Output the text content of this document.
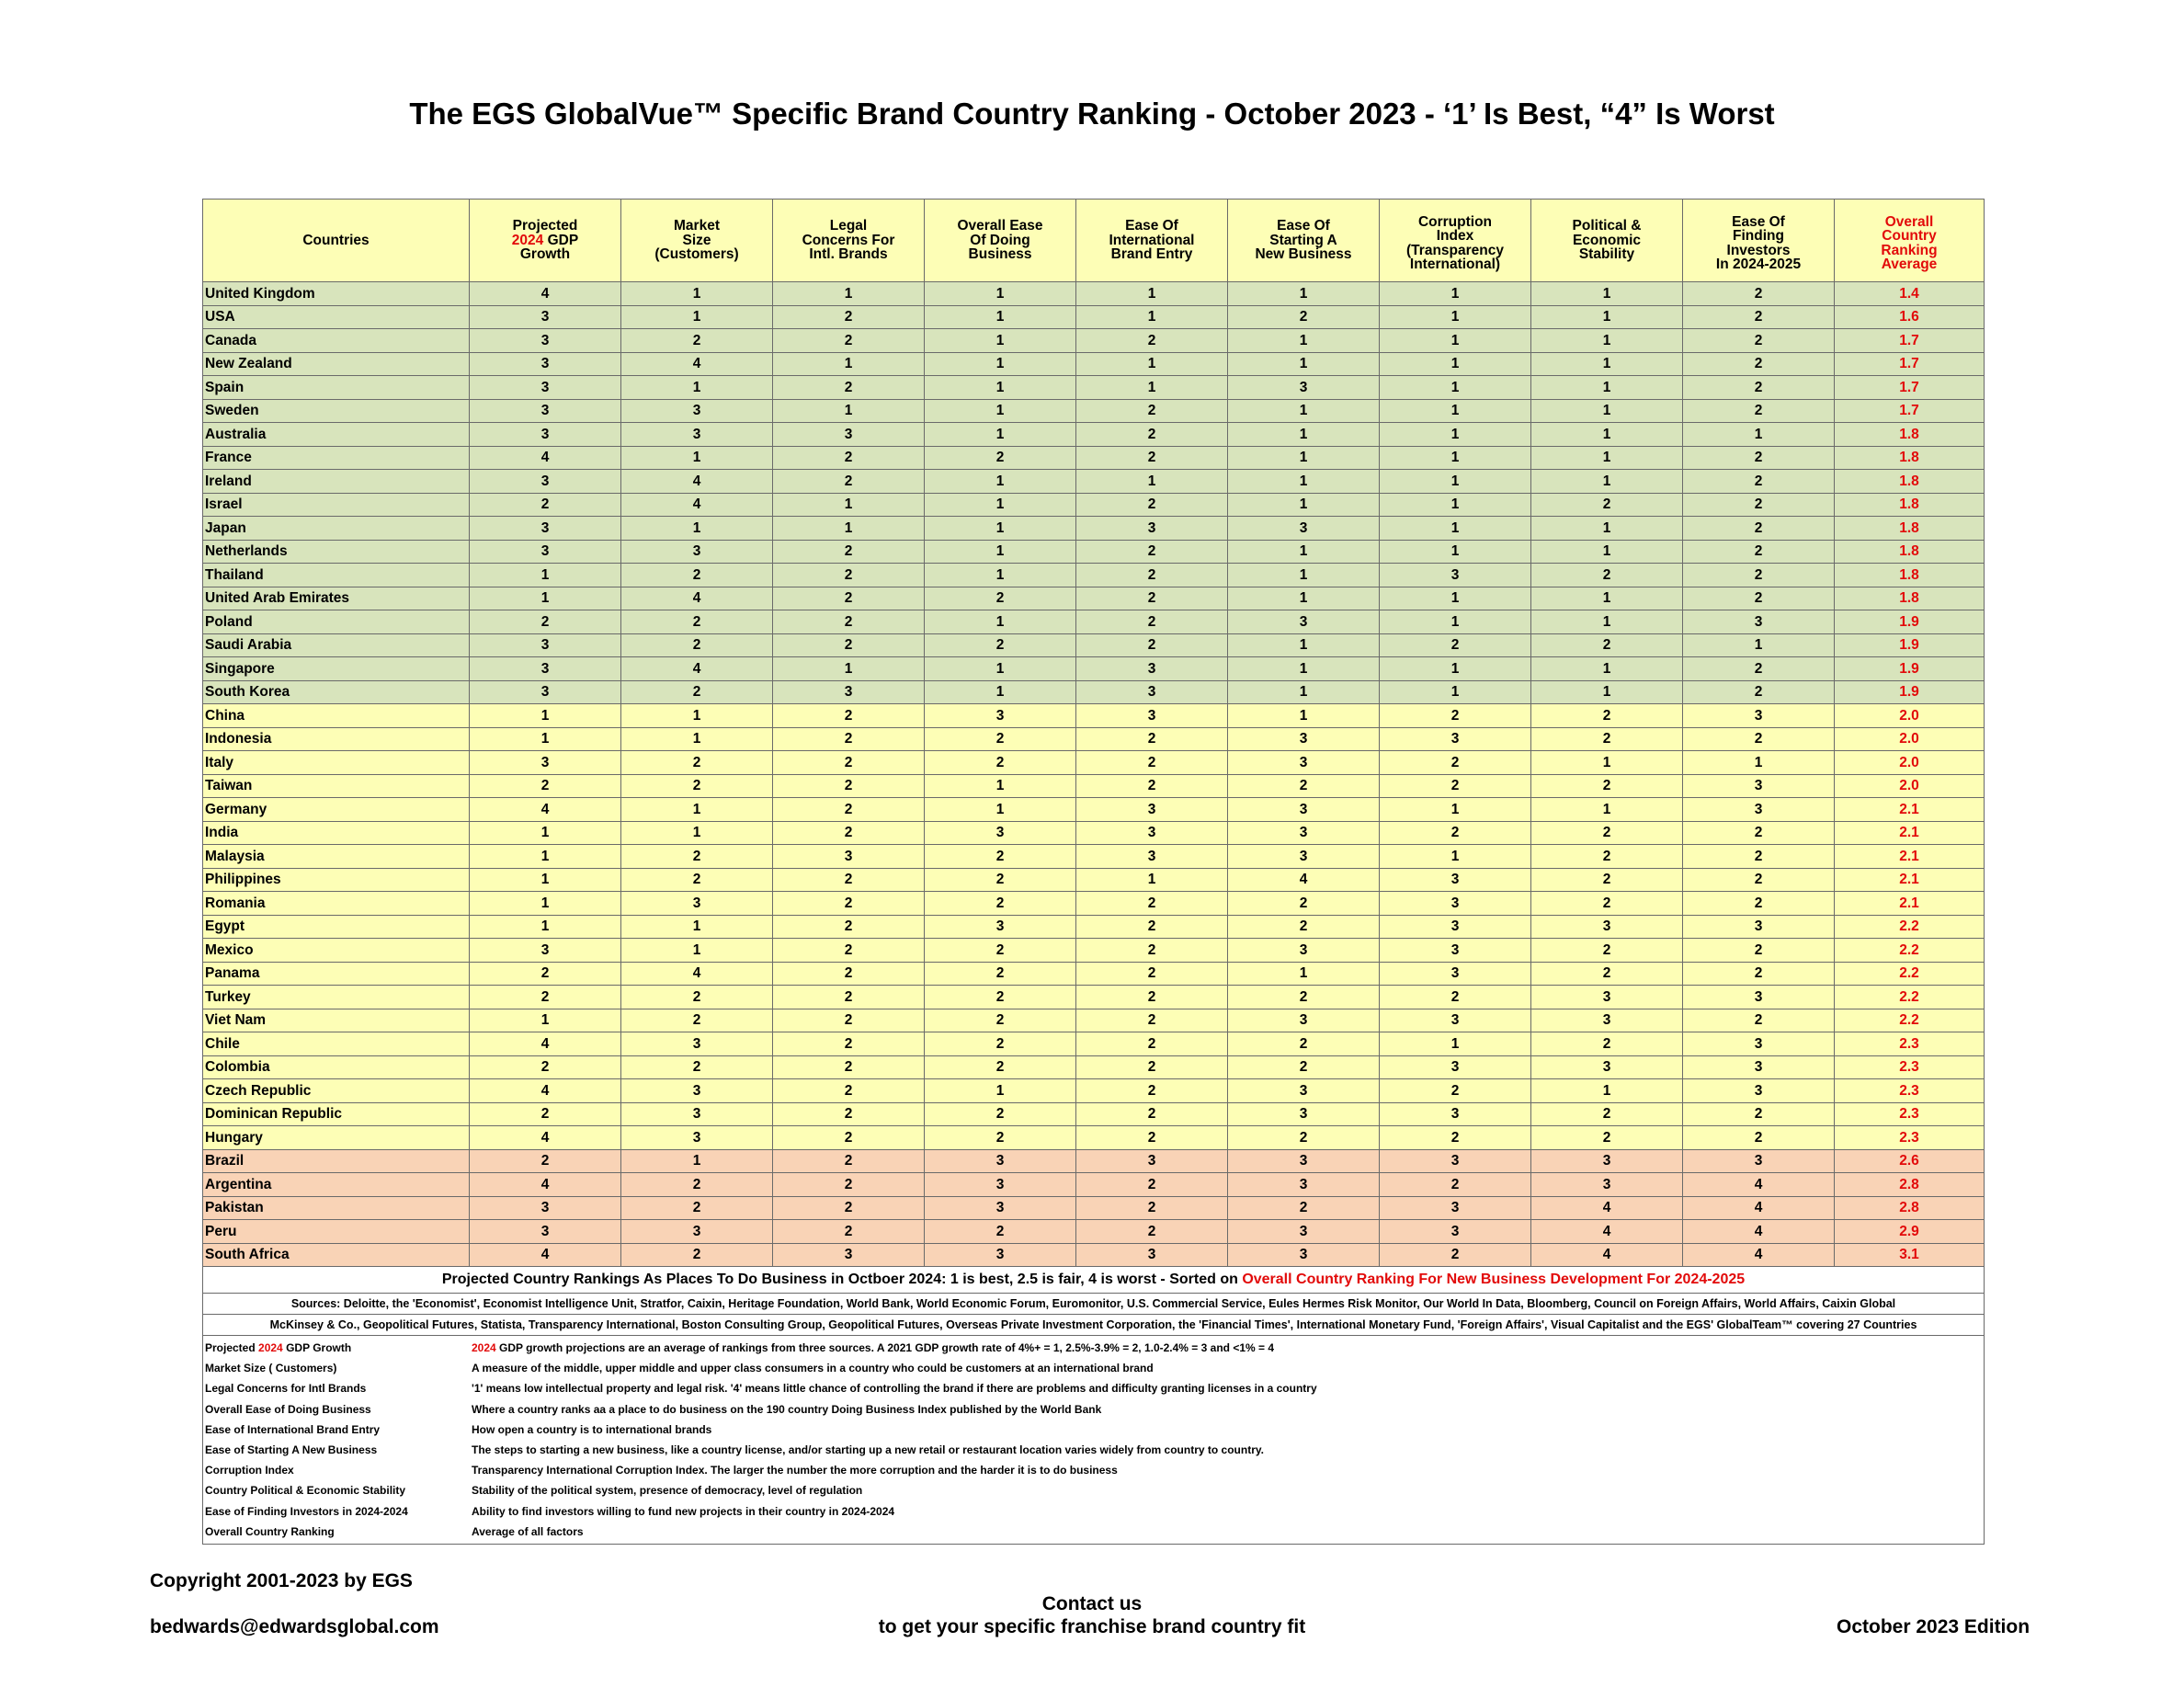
The EGS GlobalVue™ Specific Brand Country Ranking - October 2023 - ‘1’ Is Best, “4” Is Worst
Countries	Projected
2024 GDP
Growth	Market
Size
(Customers)	Legal
Concerns For
Intl. Brands	Overall Ease
Of Doing
Business	Ease Of
International
Brand Entry	Ease Of
Starting A
New Business	Corruption
Index
(Transparency
International)	Political &
Economic
Stability	Ease Of
Finding
Investors
In 2024-2025	Overall
Country
Ranking
Average
United Kingdom	4	1	1	1	1	1	1	1	2	1.4
USA	3	1	2	1	1	2	1	1	2	1.6
Canada	3	2	2	1	2	1	1	1	2	1.7
New Zealand	3	4	1	1	1	1	1	1	2	1.7
Spain	3	1	2	1	1	3	1	1	2	1.7
Sweden	3	3	1	1	2	1	1	1	2	1.7
Australia	3	3	3	1	2	1	1	1	1	1.8
France	4	1	2	2	2	1	1	1	2	1.8
Ireland	3	4	2	1	1	1	1	1	2	1.8
Israel	2	4	1	1	2	1	1	2	2	1.8
Japan	3	1	1	1	3	3	1	1	2	1.8
Netherlands	3	3	2	1	2	1	1	1	2	1.8
Thailand	1	2	2	1	2	1	3	2	2	1.8
United Arab Emirates	1	4	2	2	2	1	1	1	2	1.8
Poland	2	2	2	1	2	3	1	1	3	1.9
Saudi Arabia	3	2	2	2	2	1	2	2	1	1.9
Singapore	3	4	1	1	3	1	1	1	2	1.9
South Korea	3	2	3	1	3	1	1	1	2	1.9
China	1	1	2	3	3	1	2	2	3	2.0
Indonesia	1	1	2	2	2	3	3	2	2	2.0
Italy	3	2	2	2	2	3	2	1	1	2.0
Taiwan	2	2	2	1	2	2	2	2	3	2.0
Germany	4	1	2	1	3	3	1	1	3	2.1
India	1	1	2	3	3	3	2	2	2	2.1
Malaysia	1	2	3	2	3	3	1	2	2	2.1
Philippines	1	2	2	2	1	4	3	2	2	2.1
Romania	1	3	2	2	2	2	3	2	2	2.1
Egypt	1	1	2	3	2	2	3	3	3	2.2
Mexico	3	1	2	2	2	3	3	2	2	2.2
Panama	2	4	2	2	2	1	3	2	2	2.2
Turkey	2	2	2	2	2	2	2	3	3	2.2
Viet Nam	1	2	2	2	2	3	3	3	2	2.2
Chile	4	3	2	2	2	2	1	2	3	2.3
Colombia	2	2	2	2	2	2	3	3	3	2.3
Czech Republic	4	3	2	1	2	3	2	1	3	2.3
Dominican Republic	2	3	2	2	2	3	3	2	2	2.3
Hungary	4	3	2	2	2	2	2	2	2	2.3
Brazil	2	1	2	3	3	3	3	3	3	2.6
Argentina	4	2	2	3	2	3	2	3	4	2.8
Pakistan	3	2	2	3	2	2	3	4	4	2.8
Peru	3	3	2	2	2	3	3	4	4	2.9
South Africa	4	2	3	3	3	3	2	4	4	3.1
Projected Country Rankings As Places To Do Business in Octboer 2024: 1 is best, 2.5 is fair, 4 is worst - Sorted on Overall Country Ranking For New Business Development For 2024-2025
Sources: Deloitte, the 'Economist', Economist Intelligence Unit, Stratfor, Caixin, Heritage Foundation, World Bank, World Economic Forum, Euromonitor, U.S. Commercial Service, Eules Hermes Risk Monitor, Our World In Data, Bloomberg, Council on Foreign Affairs, World Affairs, Caixin Global
McKinsey & Co., Geopolitical Futures, Statista, Transparency International, Boston Consulting Group, Geopolitical Futures, Overseas Private Investment Corporation, the 'Financial Times', International Monetary Fund, 'Foreign Affairs', Visual Capitalist and the EGS' GlobalTeam™ covering 27 Countries

Projected 2024 GDP Growth	2024 GDP growth projections are an average of rankings from three sources. A 2021 GDP growth rate of 4%+ = 1, 2.5%-3.9% = 2, 1.0-2.4% = 3 and <1% = 4
Market Size ( Customers)	A measure of the middle, upper middle and upper class consumers in a country who could be customers at an international brand
Legal Concerns for Intl Brands	'1' means low intellectual property and legal risk. '4' means little chance of controlling the brand if there are problems and difficulty granting licenses in a country
Overall Ease of Doing Business	Where a country ranks aa a place to do business on the 190 country Doing Business Index published by the World Bank
Ease of International Brand Entry	How open a country is to international brands
Ease of Starting A New Business	The steps to starting a new business, like a country license, and/or starting up a new retail or restaurant location varies widely from country to country.
Corruption Index	Transparency International Corruption Index. The larger the number the more corruption and the harder it is to do business
Country Political & Economic Stability	Stability of the political system, presence of democracy, level of regulation
Ease of Finding Investors in 2024-2024	Ability to find investors willing to fund new projects in their country in 2024-2024
Overall Country Ranking	Average of all factors
Copyright 2001-2023 by EGS
bedwards@edwardsglobal.com
Contact us
to get your specific franchise brand country fit	October 2023 Edition
